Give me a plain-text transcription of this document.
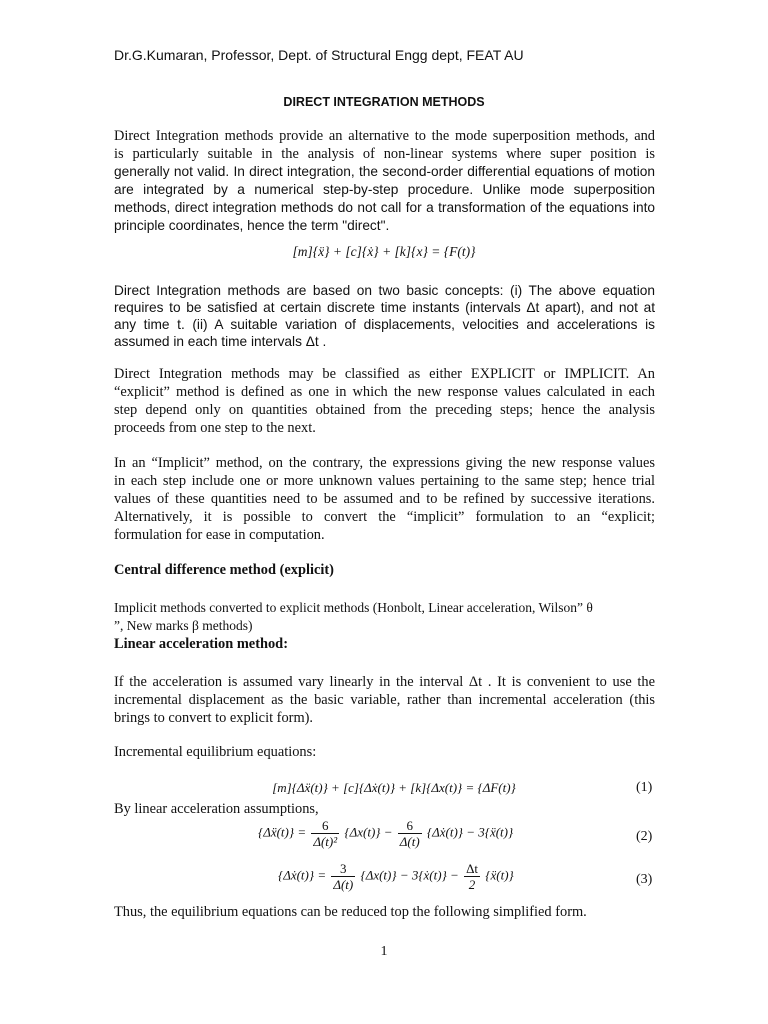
Dr.G.Kumaran, Professor, Dept. of Structural Engg dept, FEAT AU
DIRECT INTEGRATION METHODS
Direct Integration methods provide an alternative to the mode superposition methods, and
is particularly suitable in the analysis of non-linear systems where super position is
generally not valid. In direct integration, the second-order differential equations of motion
are integrated by a numerical step-by-step procedure. Unlike mode superposition
methods, direct integration methods do not call for a transformation of the equations into
principle coordinates, hence the term "direct".
[m]{ẍ} + [c]{ẋ} + [k]{x} = {F(t)}
Direct Integration methods are based on two basic concepts: (i) The above equation
requires to be satisfied at certain discrete time instants (intervals Δt apart), and not at
any time t. (ii) A suitable variation of displacements, velocities and accelerations is
assumed in each time intervals Δt .
Direct Integration methods may be classified as either EXPLICIT or IMPLICIT. An
“explicit” method is defined as one in which the new response values calculated in each
step depend only on quantities obtained from the preceding steps; hence the analysis
proceeds from one step to the next.
In an “Implicit” method, on the contrary, the expressions giving the new response values
in each step include one or more unknown values pertaining to the same step; hence trial
values of these quantities need to be assumed and to be refined by successive iterations.
Alternatively, it is possible to convert the “implicit” formulation to an “explicit;
formulation for ease in computation.
Central difference method (explicit)
Implicit methods converted to explicit methods (Honbolt, Linear acceleration, Wilson” θ
”, New marks β methods)
Linear acceleration method:
If the acceleration is assumed vary linearly in the interval Δt . It is convenient to use the
incremental displacement as the basic variable, rather than incremental acceleration (this
brings to convert to explicit form).
Incremental equilibrium equations:
[m]{Δẍ(t)} + [c]{Δẋ(t)} + [k]{Δx(t)} = {ΔF(t)}	(1)
By linear acceleration assumptions,
{Δẍ(t)} = $\frac{6}{\text{Δ(t)²}} \{\Delta x(t)\} - \frac{6}{\Delta(t)}$ {Δẋ(t)} − 3{ẍ(t)}	(2)
{Δẋ(t)} = $\frac{3}{\Delta(t)} \{\Delta x(t)\}$ − 3{ẋ(t)} − $\frac{\Delta t}{2}$ {ẍ(t)}	(3)
Thus, the equilibrium equations can be reduced top the following simplified form.
1
